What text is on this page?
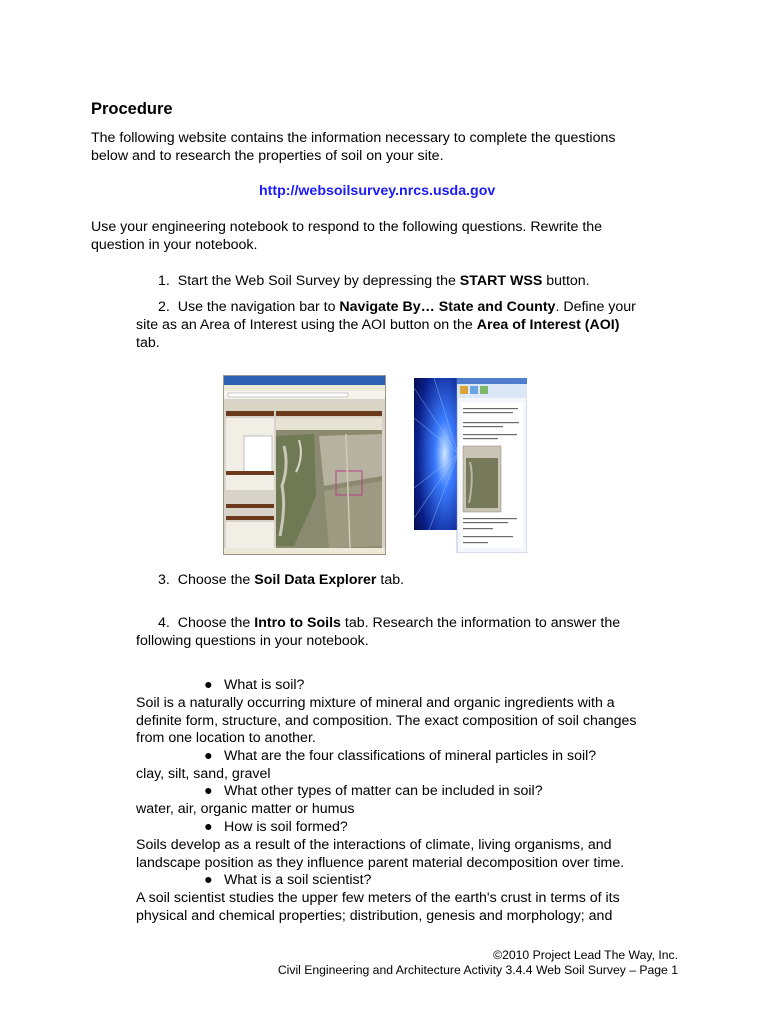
Procedure
The following website contains the information necessary to complete the questions
below and to research the properties of soil on your site.
http://websoilsurvey.nrcs.usda.gov
Use your engineering notebook to respond to the following questions. Rewrite the
question in your notebook.
1. Start the Web Soil Survey by depressing the START WSS button.
2. Use the navigation bar to Navigate By… State and County. Define your
site as an Area of Interest using the AOI button on the Area of Interest (AOI)
tab.
3. Choose the Soil Data Explorer tab.
4. Choose the Intro to Soils tab. Research the information to answer the
following questions in your notebook.
● What is soil?
Soil is a naturally occurring mixture of mineral and organic ingredients with a
definite form, structure, and composition. The exact composition of soil changes
from one location to another.
● What are the four classifications of mineral particles in soil?
clay, silt, sand, gravel
● What other types of matter can be included in soil?
water, air, organic matter or humus
● How is soil formed?
Soils develop as a result of the interactions of climate, living organisms, and
landscape position as they influence parent material decomposition over time.
● What is a soil scientist?
A soil scientist studies the upper few meters of the earth's crust in terms of its
physical and chemical properties; distribution, genesis and morphology; and
©2010 Project Lead The Way, Inc.
Civil Engineering and Architecture Activity 3.4.4 Web Soil Survey – Page 1
